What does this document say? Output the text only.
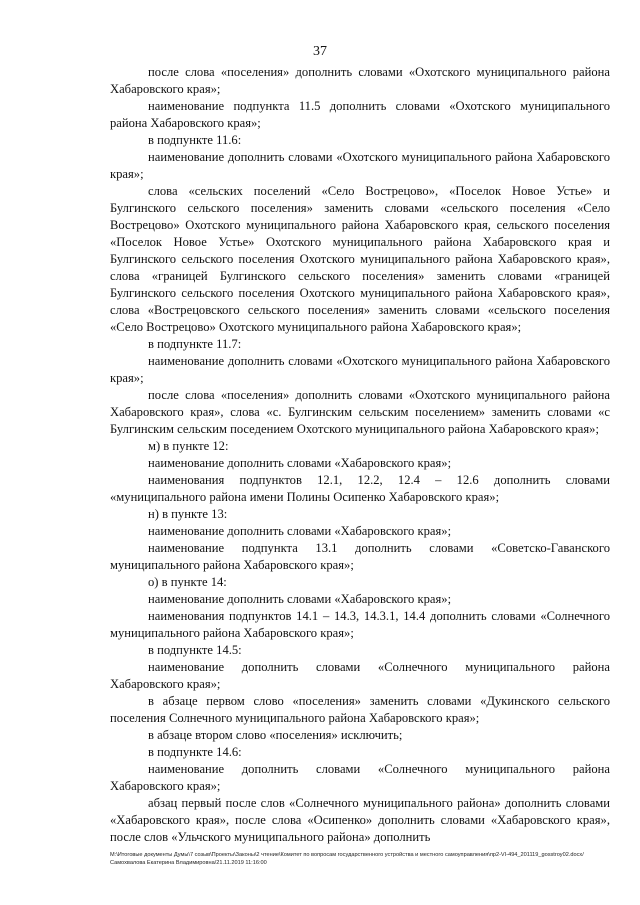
37

после слова «поселения» дополнить словами «Охотского муниципального района Хабаровского края»;

наименование подпункта 11.5 дополнить словами «Охотского муниципального района Хабаровского края»;

в подпункте 11.6:

наименование дополнить словами «Охотского муниципального района Хабаровского края»;

слова «сельских поселений «Село Вострецово», «Поселок Новое Устье» и Булгинского сельского поселения» заменить словами «сельского поселения «Село Вострецово» Охотского муниципального района Хабаровского края, сельского поселения «Поселок Новое Устье» Охотского муниципального района Хабаровского края и Булгинского сельского поселения Охотского муниципального района Хабаровского края», слова «границей Булгинского сельского поселения» заменить словами «границей Булгинского сельского поселения Охотского муниципального района Хабаровского края», слова «Вострецовского сельского поселения» заменить словами «сельского поселения «Село Вострецово» Охотского муниципального района Хабаровского края»;

в подпункте 11.7:

наименование дополнить словами «Охотского муниципального района Хабаровского края»;

после слова «поселения» дополнить словами «Охотского муниципального района Хабаровского края», слова «с. Булгинским сельским поселением» заменить словами «с Булгинским сельским поседением Охотского муниципального района Хабаровского края»;

м) в пункте 12:

наименование дополнить словами «Хабаровского края»;

наименования подпунктов 12.1, 12.2, 12.4 – 12.6 дополнить словами «муниципального района имени Полины Осипенко Хабаровского края»;

н) в пункте 13:

наименование дополнить словами «Хабаровского края»;

наименование подпункта 13.1 дополнить словами «Советско-Гаванского муниципального района Хабаровского края»;

о) в пункте 14:

наименование дополнить словами «Хабаровского края»;

наименования подпунктов 14.1 – 14.3, 14.3.1, 14.4 дополнить словами «Солнечного муниципального района Хабаровского края»;

в подпункте 14.5:

наименование дополнить словами «Солнечного муниципального района Хабаровского края»;

в абзаце первом слово «поселения» заменить словами «Дукинского сельского поселения Солнечного муниципального района Хабаровского края»;

в абзаце втором слово «поселения» исключить;

в подпункте 14.6:

наименование дополнить словами «Солнечного муниципального района Хабаровского края»;

абзац первый после слов «Солнечного муниципального района» дополнить словами «Хабаровского края», после слова «Осипенко» дополнить словами «Хабаровского края», после слов «Ульчского муниципального района» дополнить

M:\Итоговые документы Думы\7 созыв\Проекты\Законы\2 чтение\Комитет по вопросам государственного устройства и местного самоуправления\пр2-VI-494_201119_gosstroy02.docx/Самохвалова Екатерина Владимировна/21.11.2019 11:16:00
